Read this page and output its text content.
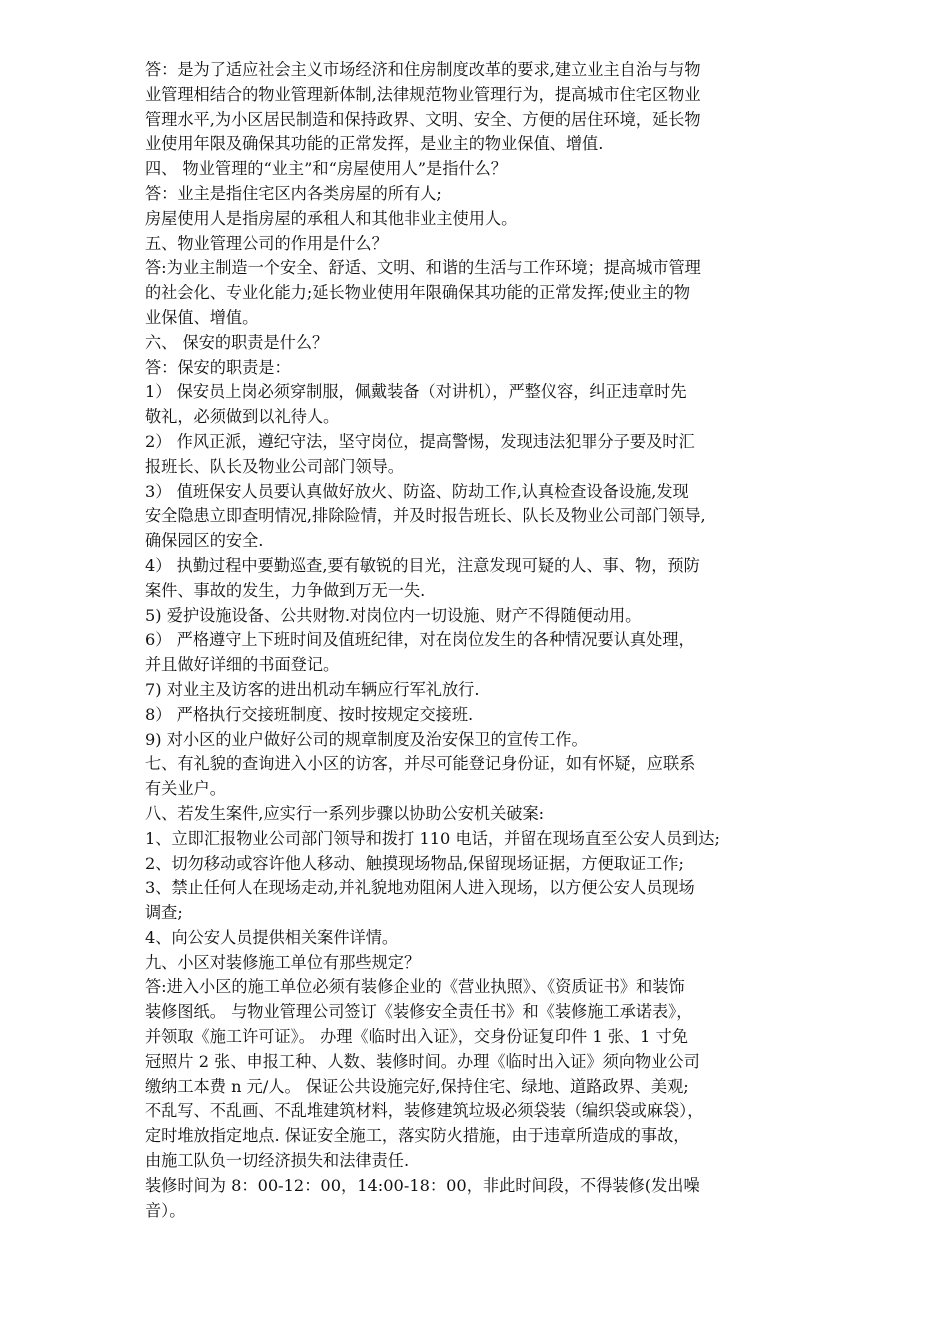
答：是为了适应社会主义市场经济和住房制度改革的要求,建立业主自治与与物
业管理相结合的物业管理新体制,法律规范物业管理行为，提高城市住宅区物业
管理水平,为小区居民制造和保持政界、文明、安全、方便的居住环境，延长物
业使用年限及确保其功能的正常发挥，是业主的物业保值、增值.
四、 物业管理的“业主”和“房屋使用人”是指什么？
答：业主是指住宅区内各类房屋的所有人;
房屋使用人是指房屋的承租人和其他非业主使用人。
五、物业管理公司的作用是什么？
答:为业主制造一个安全、舒适、文明、和谐的生活与工作环境；提高城市管理
的社会化、专业化能力;延长物业使用年限确保其功能的正常发挥;使业主的物
业保值、增值。
六、 保安的职责是什么？
答：保安的职责是：
1） 保安员上岗必须穿制服，佩戴装备（对讲机），严整仪容，纠正违章时先
敬礼，必须做到以礼待人。
2） 作风正派，遵纪守法，坚守岗位，提高警惕，发现违法犯罪分子要及时汇
报班长、队长及物业公司部门领导。
3） 值班保安人员要认真做好放火、防盗、防劫工作,认真检查设备设施,发现
安全隐患立即查明情况,排除险情，并及时报告班长、队长及物业公司部门领导,
确保园区的安全.
4） 执勤过程中要勤巡查,要有敏锐的目光，注意发现可疑的人、事、物，预防
案件、事故的发生，力争做到万无一失.
5) 爱护设施设备、公共财物.对岗位内一切设施、财产不得随便动用。
6） 严格遵守上下班时间及值班纪律，对在岗位发生的各种情况要认真处理，
并且做好详细的书面登记。
7) 对业主及访客的进出机动车辆应行军礼放行.
8） 严格执行交接班制度、按时按规定交接班.
9) 对小区的业户做好公司的规章制度及治安保卫的宣传工作。
七、有礼貌的查询进入小区的访客，并尽可能登记身份证，如有怀疑，应联系
有关业户。
八、若发生案件,应实行一系列步骤以协助公安机关破案:
1、立即汇报物业公司部门领导和拨打 110 电话，并留在现场直至公安人员到达;
2、切勿移动或容许他人移动、触摸现场物品,保留现场证据，方便取证工作;
3、禁止任何人在现场走动,并礼貌地劝阻闲人进入现场，以方便公安人员现场
调查;
4、向公安人员提供相关案件详情。
九、小区对装修施工单位有那些规定？
答:进入小区的施工单位必须有装修企业的《营业执照》、《资质证书》和装饰
装修图纸。 与物业管理公司签订《装修安全责任书》和《装修施工承诺表》，
并领取《施工许可证》。 办理《临时出入证》，交身份证复印件 1 张、1 寸免
冠照片 2 张、申报工种、人数、装修时间。办理《临时出入证》须向物业公司
缴纳工本费 n 元/人。 保证公共设施完好,保持住宅、绿地、道路政界、美观;
不乱写、不乱画、不乱堆建筑材料，装修建筑垃圾必须袋装（编织袋或麻袋），
定时堆放指定地点. 保证安全施工，落实防火措施，由于违章所造成的事故，
由施工队负一切经济损失和法律责任.
装修时间为 8：00-12：00，14:00-18：00，非此时间段，不得装修(发出噪
音）。
